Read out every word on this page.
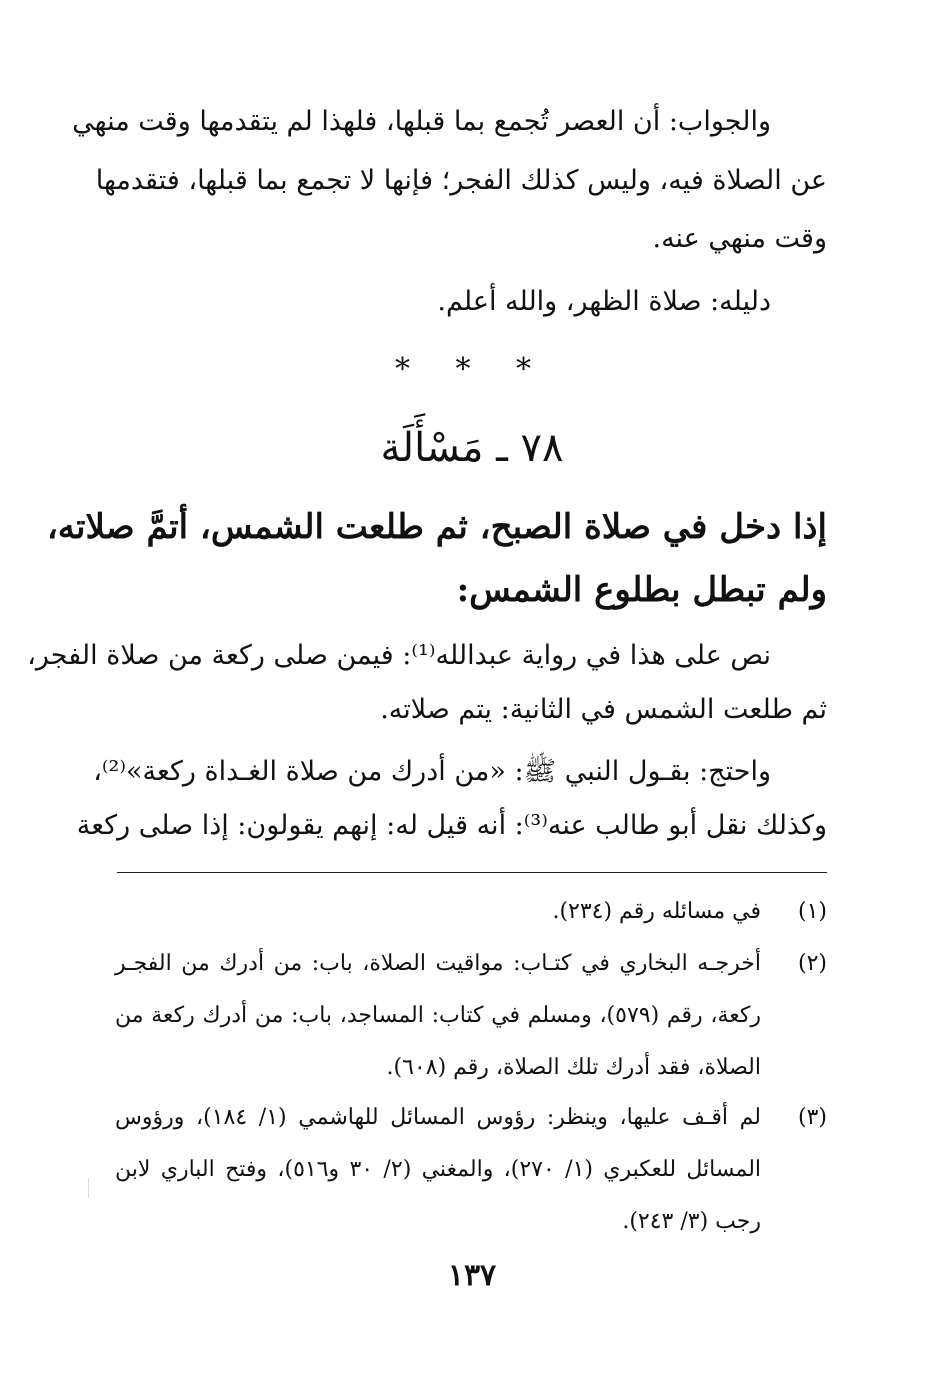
والجواب: أن العصر تُجمع بما قبلها، فلهذا لم يتقدمها وقت منهي
عن الصلاة فيه، وليس كذلك الفجر؛ فإنها لا تجمع بما قبلها، فتقدمها
وقت منهي عنه.
دليله: صلاة الظهر، والله أعلم.
* * *
٧٨ ـ مَسْأَلَة
إذا دخل في صلاة الصبح، ثم طلعت الشمس، أتمَّ صلاته،
ولم تبطل بطلوع الشمس:
نص على هذا في رواية عبدالله⁽¹⁾: فيمن صلى ركعة من صلاة الفجر،
ثم طلعت الشمس في الثانية: يتم صلاته.
واحتج: بقـول النبي ﷺ: «من أدرك من صلاة الغـداة ركعة»⁽²⁾،
وكذلك نقل أبو طالب عنه⁽³⁾: أنه قيل له: إنهم يقولون: إذا صلى ركعة
(١)
في مسائله رقم (٢٣٤).
(٢)
أخرجـه البخاري في كتـاب: مواقيت الصلاة، باب: من أدرك من الفجـر
ركعة، رقم (٥٧٩)، ومسلم في كتاب: المساجد، باب: من أدرك ركعة من
الصلاة، فقد أدرك تلك الصلاة، رقم (٦٠٨).
(٣)
لم أقـف عليها، وينظر: رؤوس المسائل للهاشمي (١/ ١٨٤)، ورؤوس
المسائل للعكبري (١/ ٢٧٠)، والمغني (٢/ ٣٠ و٥١٦)، وفتح الباري لابن
رجب (٣/ ٢٤٣).
١٣٧
